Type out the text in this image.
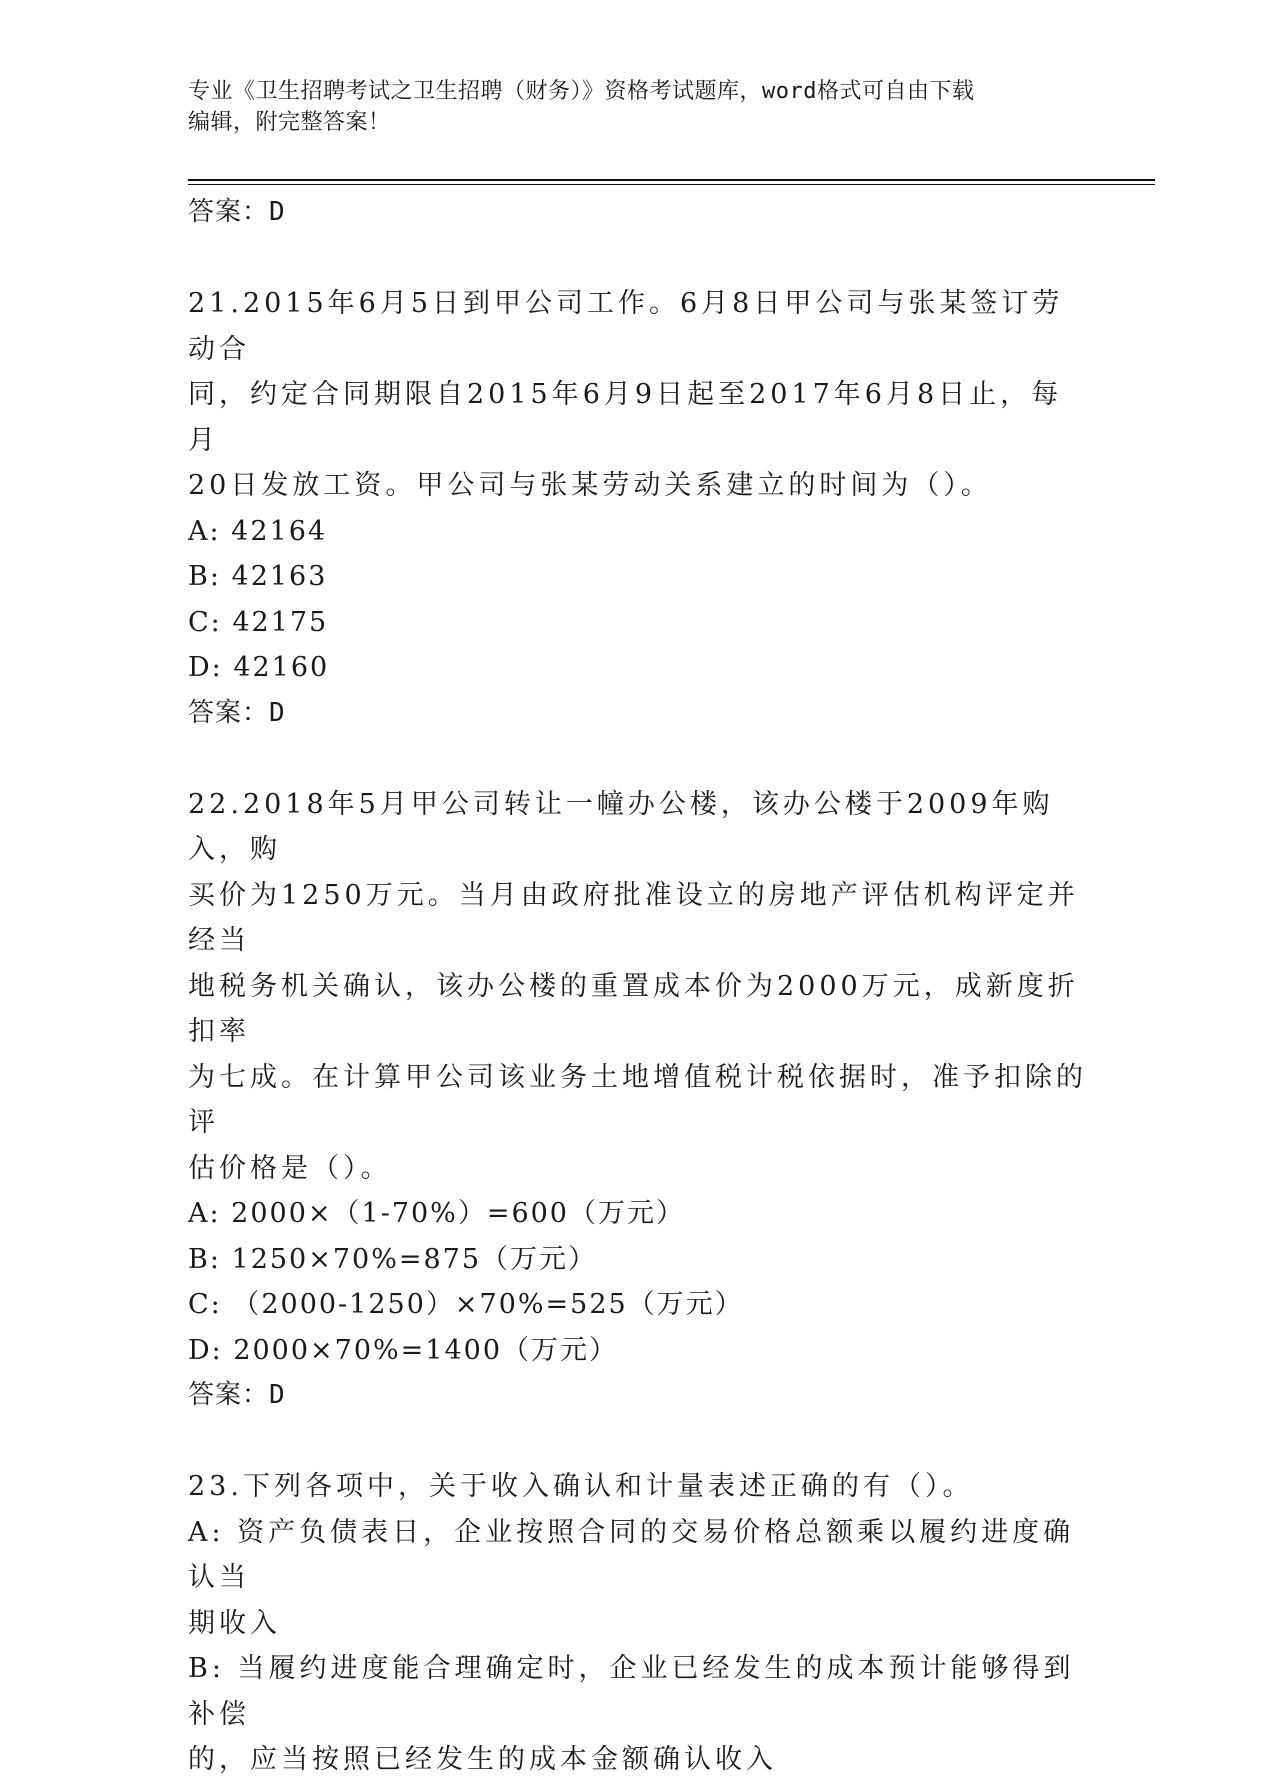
专业《卫生招聘考试之卫生招聘（财务）》资格考试题库，word格式可自由下载
编辑，附完整答案！
答案：D
21.2015年6月5日到甲公司工作。6月8日甲公司与张某签订劳动合
同，约定合同期限自2015年6月9日起至2017年6月8日止，每月
20日发放工资。甲公司与张某劳动关系建立的时间为（）。
A: 42164
B: 42163
C: 42175
D: 42160
答案：D
22.2018年5月甲公司转让一幢办公楼，该办公楼于2009年购入，购
买价为1250万元。当月由政府批准设立的房地产评估机构评定并经当
地税务机关确认，该办公楼的重置成本价为2000万元，成新度折扣率
为七成。在计算甲公司该业务土地增值税计税依据时，准予扣除的评
估价格是（）。
A: 2000×（1-70%）=600（万元）
B: 1250×70%=875（万元）
C: （2000-1250）×70%=525（万元）
D: 2000×70%=1400（万元）
答案：D
23.下列各项中，关于收入确认和计量表述正确的有（）。
A: 资产负债表日，企业按照合同的交易价格总额乘以履约进度确认当
期收入
B: 当履约进度能合理确定时，企业已经发生的成本预计能够得到补偿
的，应当按照已经发生的成本金额确认收入
